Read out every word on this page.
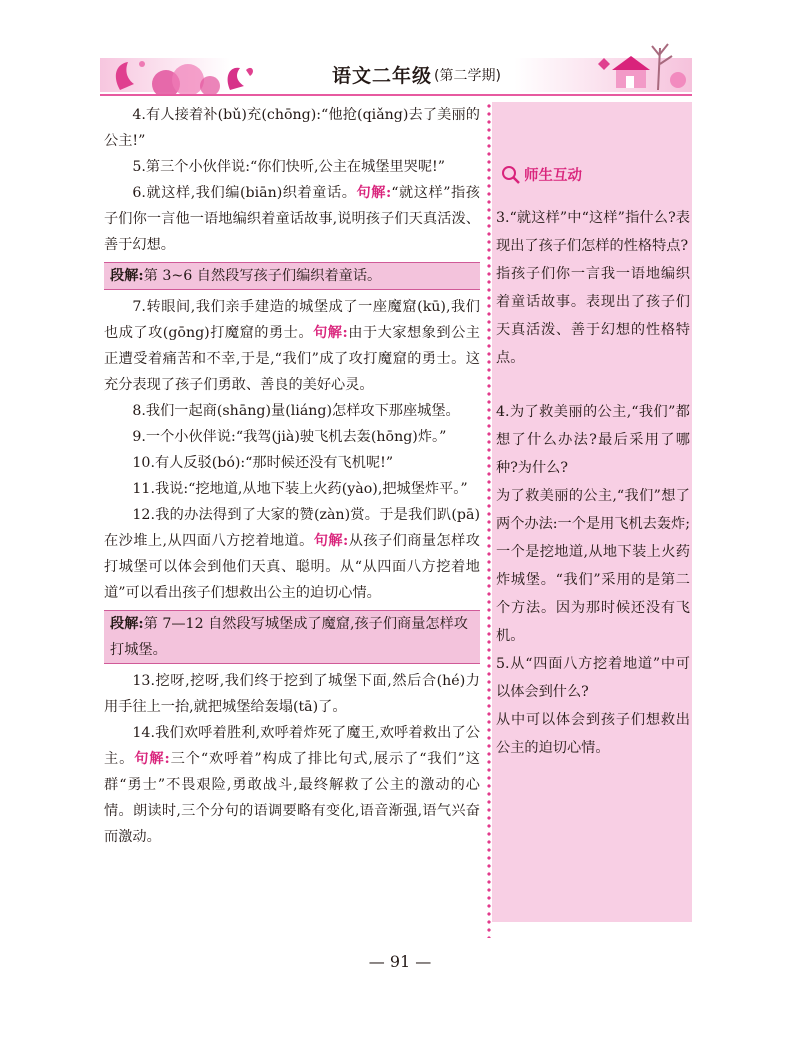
语文二年级 (第二学期)

4.有人接着补(bǔ)充(chōng):“他抢(qiǎng)去了美丽的公主!”

5.第三个小伙伴说:“你们快听,公主在城堡里哭呢!”

6.就这样,我们编(biān)织着童话。句解:“就这样”指孩子们你一言他一语地编织着童话故事,说明孩子们天真活泼、善于幻想。

段解:第 3~6 自然段写孩子们编织着童话。

7.转眼间,我们亲手建造的城堡成了一座魔窟(kū),我们也成了攻(gōng)打魔窟的勇士。句解:由于大家想象到公主正遭受着痛苦和不幸,于是,“我们”成了攻打魔窟的勇士。这充分表现了孩子们勇敢、善良的美好心灵。

8.我们一起商(shāng)量(liáng)怎样攻下那座城堡。

9.一个小伙伴说:“我驾(jià)驶飞机去轰(hōng)炸。”

10.有人反驳(bó):“那时候还没有飞机呢!”

11.我说:“挖地道,从地下装上火药(yào),把城堡炸平。”

12.我的办法得到了大家的赞(zàn)赏。于是我们趴(pā)在沙堆上,从四面八方挖着地道。句解:从孩子们商量怎样攻打城堡可以体会到他们天真、聪明。从“从四面八方挖着地道”可以看出孩子们想救出公主的迫切心情。

段解:第 7—12 自然段写城堡成了魔窟,孩子们商量怎样攻打城堡。

13.挖呀,挖呀,我们终于挖到了城堡下面,然后合(hé)力用手往上一抬,就把城堡给轰塌(tā)了。

14.我们欢呼着胜利,欢呼着炸死了魔王,欢呼着救出了公主。句解:三个“欢呼着”构成了排比句式,展示了“我们”这群“勇士”不畏艰险,勇敢战斗,最终解救了公主的激动的心情。朗读时,三个分句的语调要略有变化,语音渐强,语气兴奋而激动。

师生互动

3.“就这样”中“这样”指什么?表现出了孩子们怎样的性格特点?

指孩子们你一言我一语地编织着童话故事。表现出了孩子们天真活泼、善于幻想的性格特点。

4.为了救美丽的公主,“我们”都想了什么办法?最后采用了哪种?为什么?

为了救美丽的公主,“我们”想了两个办法:一个是用飞机去轰炸;一个是挖地道,从地下装上火药炸城堡。“我们”采用的是第二个方法。因为那时候还没有飞机。

5.从“四面八方挖着地道”中可以体会到什么?

从中可以体会到孩子们想救出公主的迫切心情。

— 91 —
